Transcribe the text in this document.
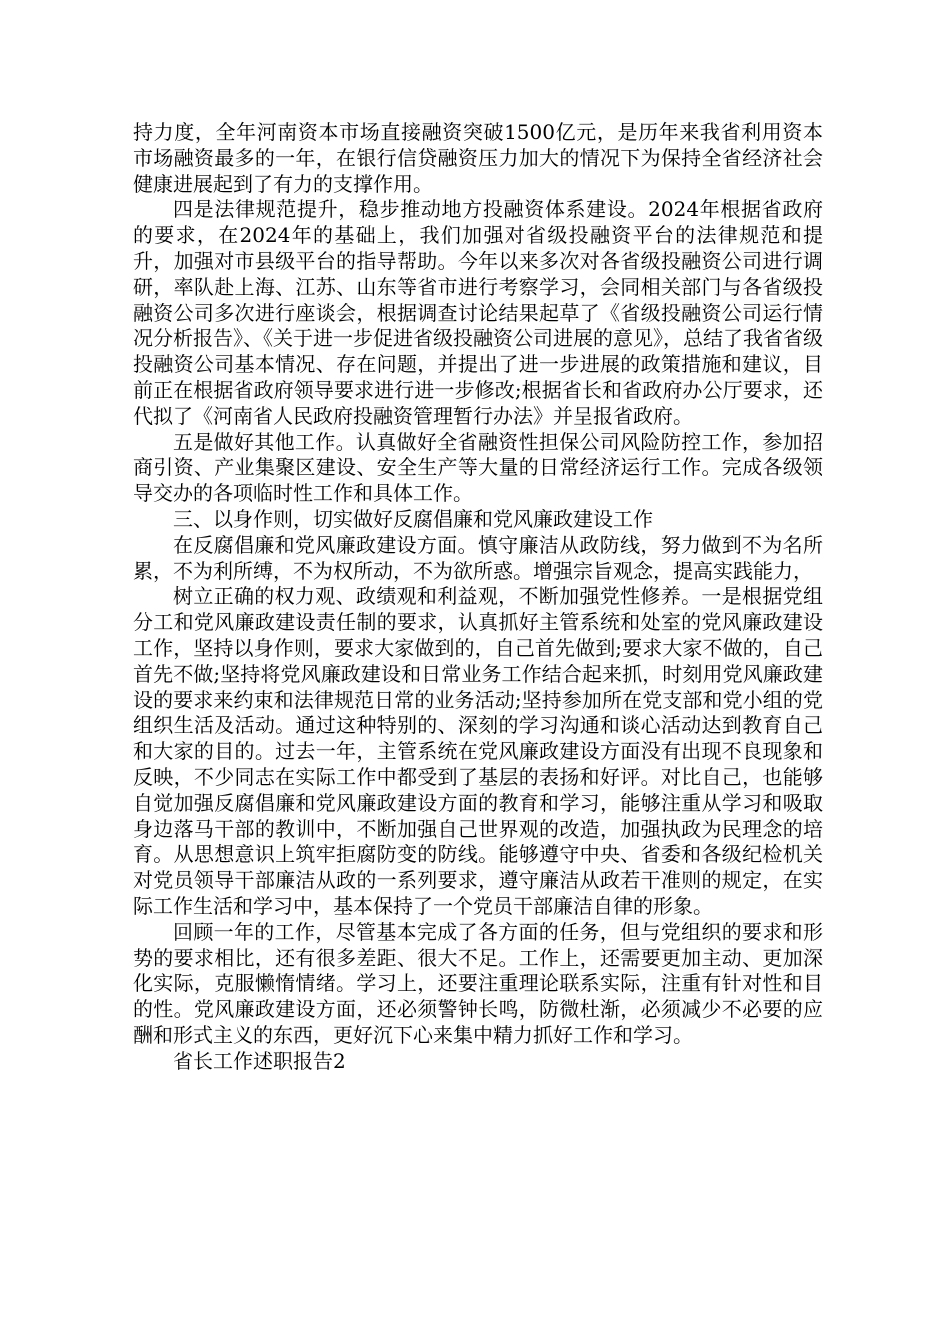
持力度，全年河南资本市场直接融资突破1500亿元，是历年来我省利用资本市场融资最多的一年，在银行信贷融资压力加大的情况下为保持全省经济社会健康进展起到了有力的支撑作用。

四是法律规范提升，稳步推动地方投融资体系建设。2024年根据省政府的要求，在2024年的基础上，我们加强对省级投融资平台的法律规范和提升，加强对市县级平台的指导帮助。今年以来多次对各省级投融资公司进行调研，率队赴上海、江苏、山东等省市进行考察学习，会同相关部门与各省级投融资公司多次进行座谈会，根据调查讨论结果起草了《省级投融资公司运行情况分析报告》、《关于进一步促进省级投融资公司进展的意见》，总结了我省省级投融资公司基本情况、存在问题，并提出了进一步进展的政策措施和建议，目前正在根据省政府领导要求进行进一步修改;根据省长和省政府办公厅要求，还代拟了《河南省人民政府投融资管理暂行办法》并呈报省政府。

五是做好其他工作。认真做好全省融资性担保公司风险防控工作，参加招商引资、产业集聚区建设、安全生产等大量的日常经济运行工作。完成各级领导交办的各项临时性工作和具体工作。

三、以身作则，切实做好反腐倡廉和党风廉政建设工作

在反腐倡廉和党风廉政建设方面。慎守廉洁从政防线，努力做到不为名所累，不为利所缚，不为权所动，不为欲所惑。增强宗旨观念，提高实践能力，

树立正确的权力观、政绩观和利益观，不断加强党性修养。一是根据党组分工和党风廉政建设责任制的要求，认真抓好主管系统和处室的党风廉政建设工作，坚持以身作则，要求大家做到的，自己首先做到;要求大家不做的，自己首先不做;坚持将党风廉政建设和日常业务工作结合起来抓，时刻用党风廉政建设的要求来约束和法律规范日常的业务活动;坚持参加所在党支部和党小组的党组织生活及活动。通过这种特别的、深刻的学习沟通和谈心活动达到教育自己和大家的目的。过去一年，主管系统在党风廉政建设方面没有出现不良现象和反映，不少同志在实际工作中都受到了基层的表扬和好评。对比自己，也能够自觉加强反腐倡廉和党风廉政建设方面的教育和学习，能够注重从学习和吸取身边落马干部的教训中，不断加强自己世界观的改造，加强执政为民理念的培育。从思想意识上筑牢拒腐防变的防线。能够遵守中央、省委和各级纪检机关对党员领导干部廉洁从政的一系列要求，遵守廉洁从政若干准则的规定，在实际工作生活和学习中，基本保持了一个党员干部廉洁自律的形象。

回顾一年的工作，尽管基本完成了各方面的任务，但与党组织的要求和形势的要求相比，还有很多差距、很大不足。工作上，还需要更加主动、更加深化实际，克服懒惰情绪。学习上，还要注重理论联系实际，注重有针对性和目的性。党风廉政建设方面，还必须警钟长鸣，防微杜渐，必须减少不必要的应酬和形式主义的东西，更好沉下心来集中精力抓好工作和学习。

省长工作述职报告2
